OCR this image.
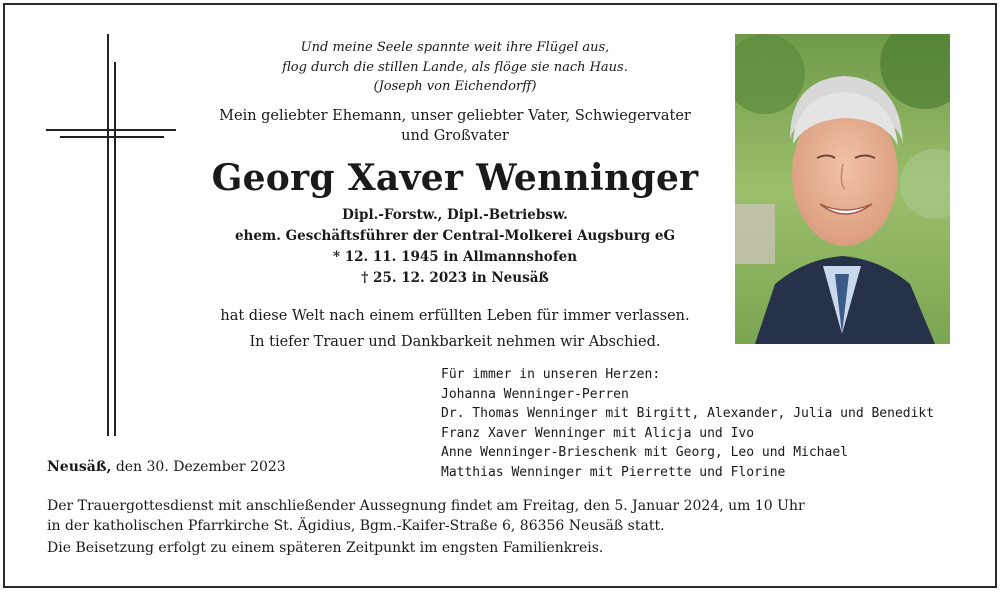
Und meine Seele spannte weit ihre Flügel aus,
flog durch die stillen Lande, als flöge sie nach Haus.
(Joseph von Eichendorff)
Mein geliebter Ehemann, unser geliebter Vater, Schwiegervater
und Großvater
Georg Xaver Wenninger
Dipl.-Forstw., Dipl.-Betriebsw.
ehem. Geschäftsführer der Central-Molkerei Augsburg eG
* 12. 11. 1945 in Allmannshofen
† 25. 12. 2023 in Neusäß
hat diese Welt nach einem erfüllten Leben für immer verlassen.
In tiefer Trauer und Dankbarkeit nehmen wir Abschied.
Für immer in unseren Herzen:
Johanna Wenninger-Perren
Dr. Thomas Wenninger mit Birgitt, Alexander, Julia und Benedikt
Franz Xaver Wenninger mit Alicja und Ivo
Anne Wenninger-Brieschenk mit Georg, Leo und Michael
Matthias Wenninger mit Pierrette und Florine
Neusäß, den 30. Dezember 2023
Der Trauergottesdienst mit anschließender Aussegnung findet am Freitag, den 5. Januar 2024, um 10 Uhr
in der katholischen Pfarrkirche St. Ägidius, Bgm.-Kaifer-Straße 6, 86356 Neusäß statt.
Die Beisetzung erfolgt zu einem späteren Zeitpunkt im engsten Familienkreis.
